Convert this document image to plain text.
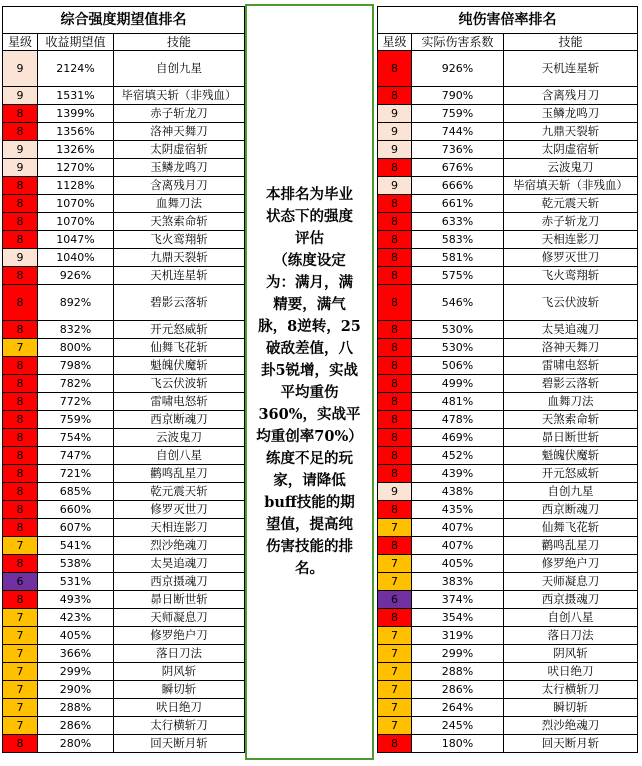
综合强度期望值排名
星级	收益期望值	技能
9	2124%	自创九星
9	1531%	毕宿填天斩（非残血）
8	1399%	赤子斩龙刀
8	1356%	洛神天舞刀
9	1326%	太阴虚宿斩
9	1270%	玉鳞龙鸣刀
8	1128%	含离残月刀
8	1070%	血舞刀法
8	1070%	天煞索命斩
8	1047%	飞火鸾翔斩
9	1040%	九鼎天裂斩
8	926%	天机连星斩
8	892%	碧影云落斩
8	832%	开元怒威斩
7	800%	仙舞飞花斩
8	798%	魁魄伏魔斩
8	782%	飞云伏波斩
8	772%	雷啸电怒斩
8	759%	西京断魂刀
8	754%	云波鬼刀
8	747%	自创八星
8	721%	鹳鸣乱星刀
8	685%	乾元震天斩
8	660%	修罗灭世刀
8	607%	天相连影刀
7	541%	烈沙绝魂刀
8	538%	太昊追魂刀
6	531%	西京摄魂刀
8	493%	昴日断世斩
7	423%	天师凝息刀
7	405%	修罗绝户刀
7	366%	落日刀法
7	299%	阴风斩
7	290%	瞬切斩
7	288%	吠日绝刀
7	286%	太行横斩刀
8	280%	回天断月斩
本排名为毕业
状态下的强度
评估
（练度设定
为：满月，满
精要，满气
脉，8逆转，25
破敌差值，八
卦5锐增，实战
平均重伤
360%，实战平
均重创率70%）
练度不足的玩
家，请降低
buff技能的期
望值，提高纯
伤害技能的排
名。
纯伤害倍率排名
星级	实际伤害系数	技能
8	926%	天机连星斩
8	790%	含离残月刀
9	759%	玉鳞龙鸣刀
9	744%	九鼎天裂斩
9	736%	太阴虚宿斩
8	676%	云波鬼刀
9	666%	毕宿填天斩（非残血）
8	661%	乾元震天斩
8	633%	赤子斩龙刀
8	583%	天相连影刀
8	581%	修罗灭世刀
8	575%	飞火鸾翔斩
8	546%	飞云伏波斩
8	530%	太昊追魂刀
8	530%	洛神天舞刀
8	506%	雷啸电怒斩
8	499%	碧影云落斩
8	481%	血舞刀法
8	478%	天煞索命斩
8	469%	昴日断世斩
8	452%	魁魄伏魔斩
8	439%	开元怒威斩
9	438%	自创九星
8	435%	西京断魂刀
7	407%	仙舞飞花斩
8	407%	鹳鸣乱星刀
7	405%	修罗绝户刀
7	383%	天师凝息刀
6	374%	西京摄魂刀
8	354%	自创八星
7	319%	落日刀法
7	299%	阴风斩
7	288%	吠日绝刀
7	286%	太行横斩刀
7	264%	瞬切斩
7	245%	烈沙绝魂刀
8	180%	回天断月斩
